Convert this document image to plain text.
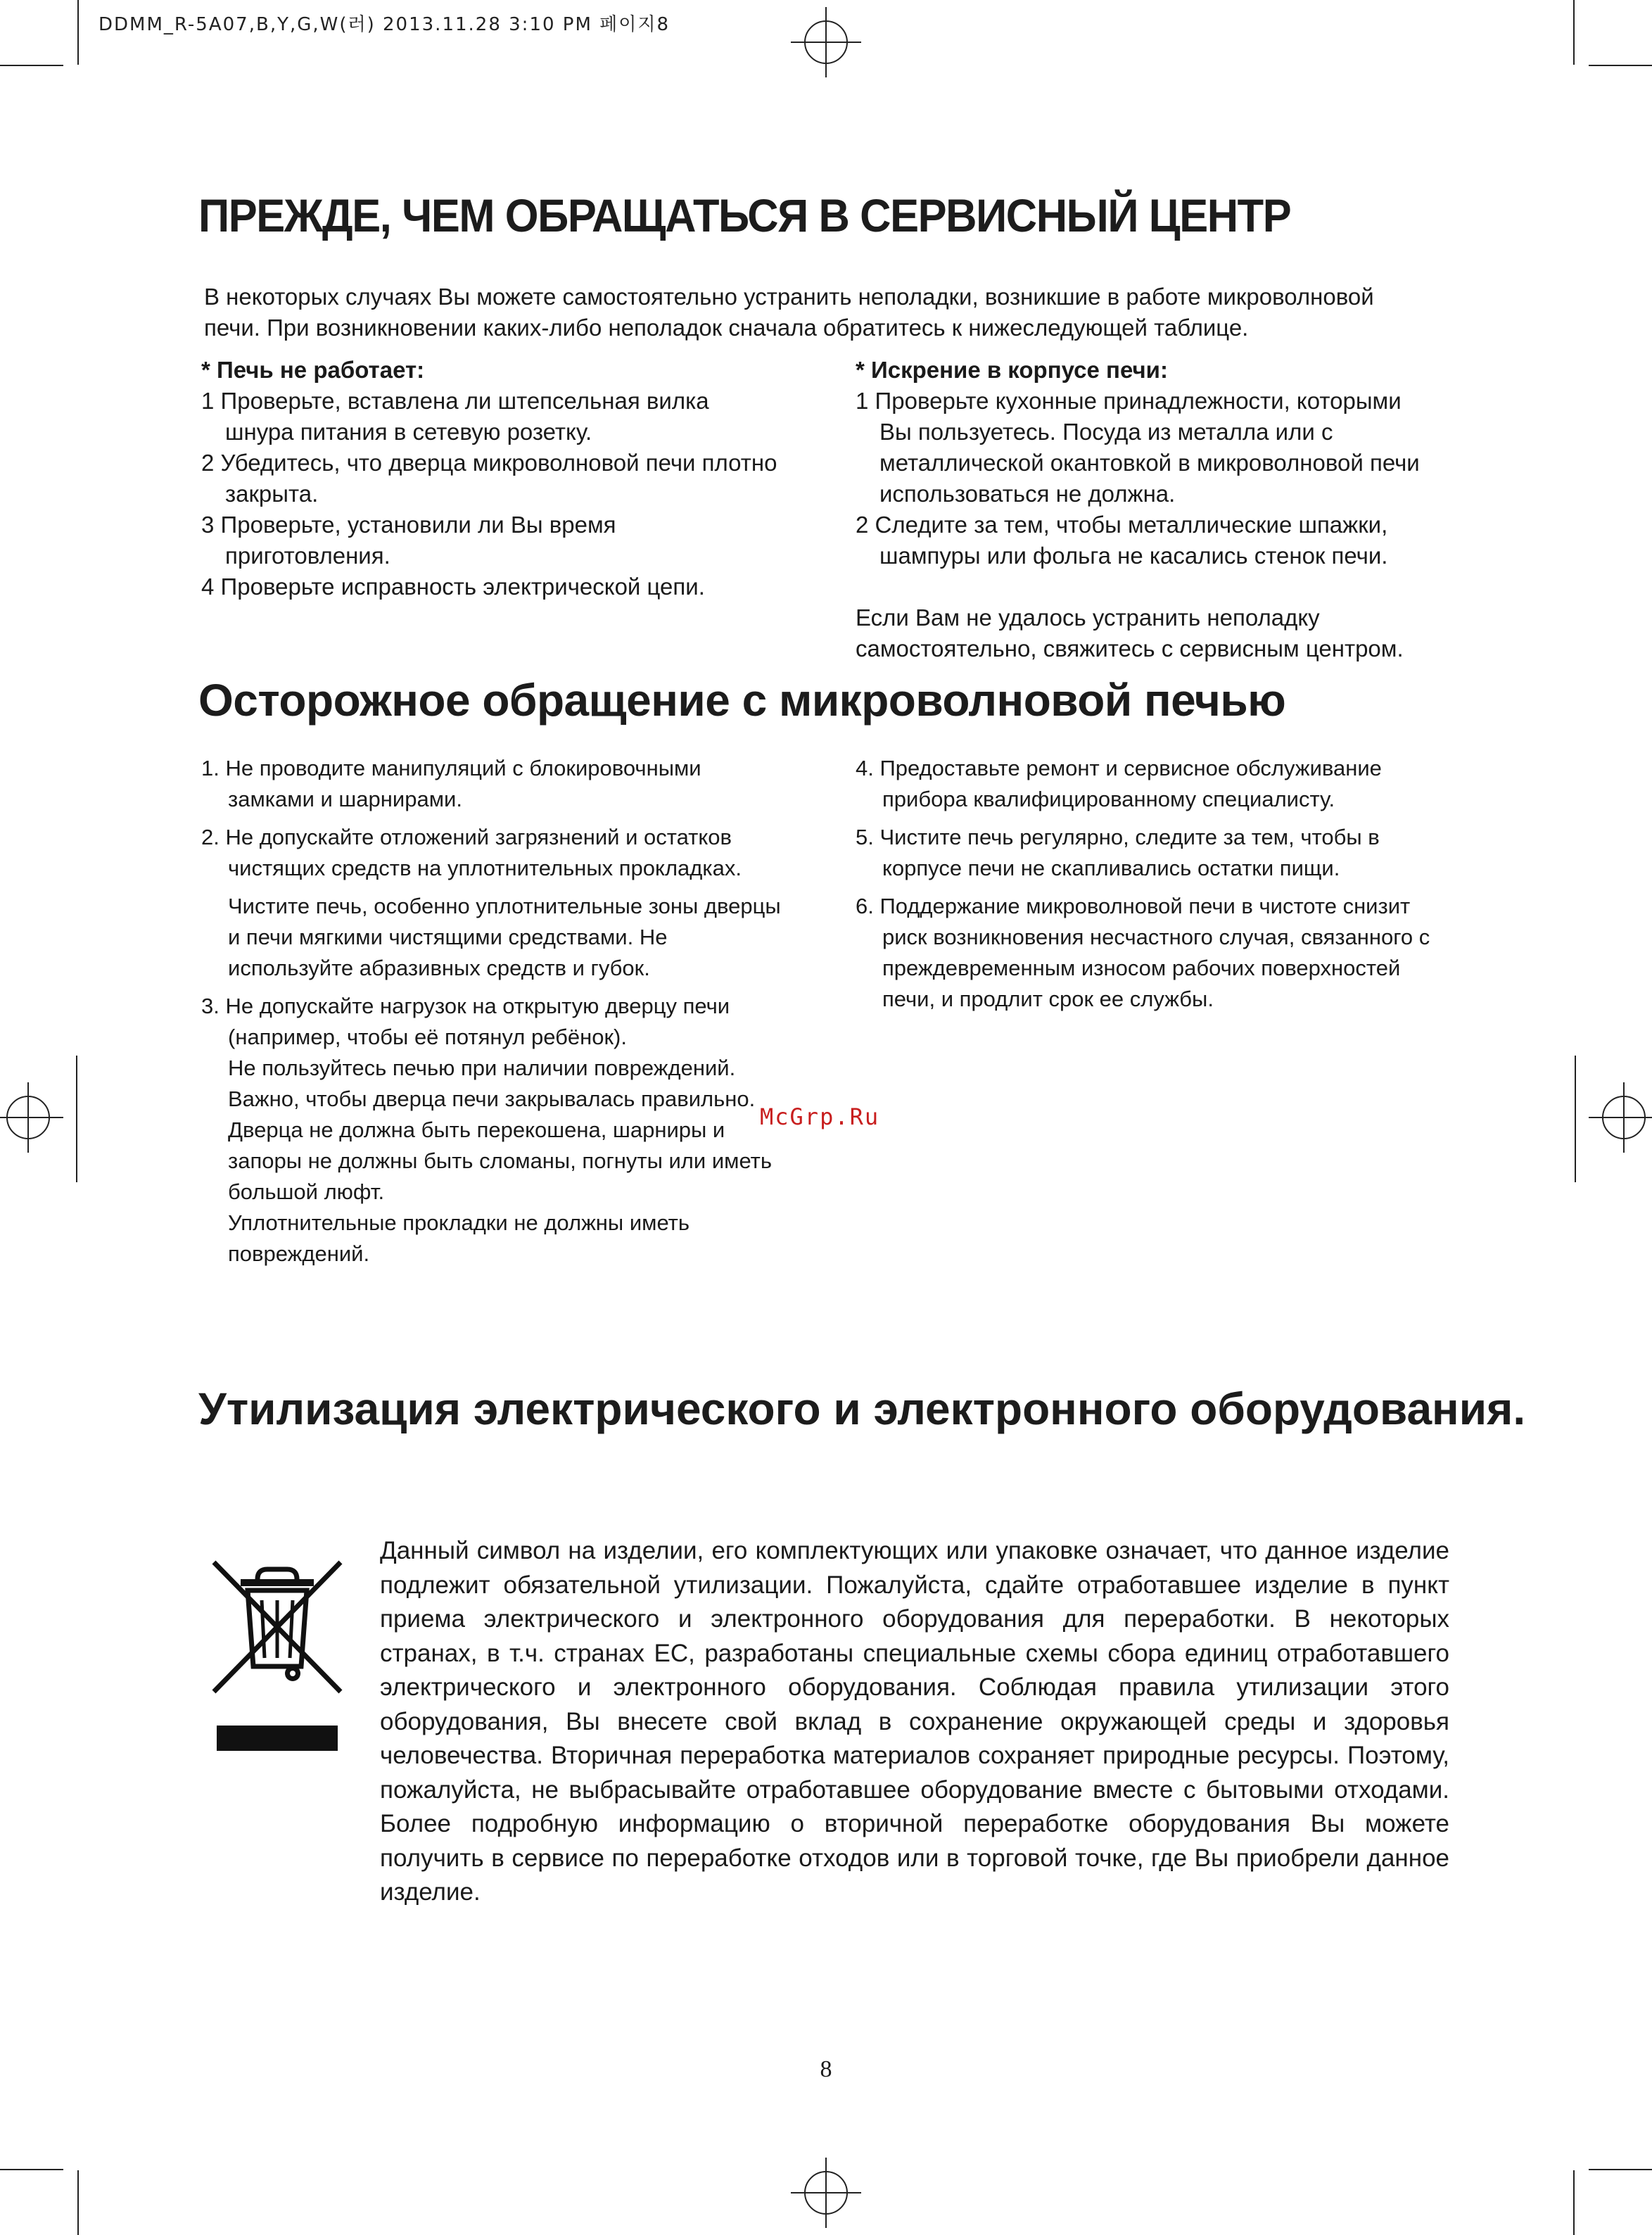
DDMM_R-5A07,B,Y,G,W(러) 2013.11.28 3:10 PM 페이지8
ПРЕЖДЕ, ЧЕМ ОБРАЩАТЬСЯ В СЕРВИСНЫЙ ЦЕНТР
В некоторых случаях Вы можете самостоятельно устранить неполадки, возникшие в работе микроволновой
печи. При возникновении каких-либо неполадок сначала обратитесь к нижеследующей таблице.
* Печь не работает:
1 Проверьте, вставлена ли штепсельная вилка шнура питания в сетевую розетку.
2 Убедитесь, что дверца микроволновой печи плотно закрыта.
3 Проверьте, установили ли Вы время приготовления.
4 Проверьте исправность электрической цепи.
* Искрение в корпусе печи:
1 Проверьте кухонные принадлежности, которыми Вы пользуетесь. Посуда из металла или с металлической окантовкой в микроволновой печи использоваться не должна.
2 Следите за тем, чтобы металлические шпажки, шампуры или фольга не касались стенок печи.
Если Вам не удалось устранить неполадку самостоятельно, свяжитесь с сервисным центром.
Осторожное обращение с микроволновой печью
1. Не проводите манипуляций с блокировочными замками и шарнирами.
2. Не допускайте отложений загрязнений и остатков чистящих средств на уплотнительных прокладках.
Чистите печь, особенно уплотнительные зоны дверцы и печи мягкими чистящими средствами. Не используйте абразивных средств и губок.
3. Не допускайте нагрузок на открытую дверцу печи (например, чтобы её потянул ребёнок).
Не пользуйтесь печью при наличии повреждений.
Важно, чтобы дверца печи закрывалась правильно.
Дверца не должна быть перекошена, шарниры и запоры не должны быть сломаны, погнуты или иметь большой люфт.
Уплотнительные прокладки не должны иметь повреждений.
4. Предоставьте ремонт и сервисное обслуживание прибора квалифицированному специалисту.
5. Чистите печь регулярно, следите за тем, чтобы в корпусе печи не скапливались остатки пищи.
6. Поддержание микроволновой печи в чистоте снизит риск возникновения несчастного случая, связанного с преждевременным износом рабочих поверхностей печи, и продлит срок ее службы.
McGrp.Ru
Утилизация электрического и электронного оборудования.
Данный символ на изделии, его комплектующих или упаковке означает, что данное изделие подлежит обязательной утилизации. Пожалуйста, сдайте отработавшее изделие в пункт приема электрического и электронного оборудования для переработки. В некоторых странах, в т.ч. странах ЕС, разработаны специальные схемы сбора единиц отработавшего электрического и электронного оборудования. Соблюдая правила утилизации этого оборудования, Вы внесете свой вклад в сохранение окружающей среды и здоровья человечества. Вторичная переработка материалов сохраняет природные ресурсы. Поэтому, пожалуйста, не выбрасывайте отработавшее оборудование вместе с бытовыми отходами. Более подробную информацию о вторичной переработке оборудования Вы можете получить в сервисе по переработке отходов или в торговой точке, где Вы приобрели данное изделие.
8
